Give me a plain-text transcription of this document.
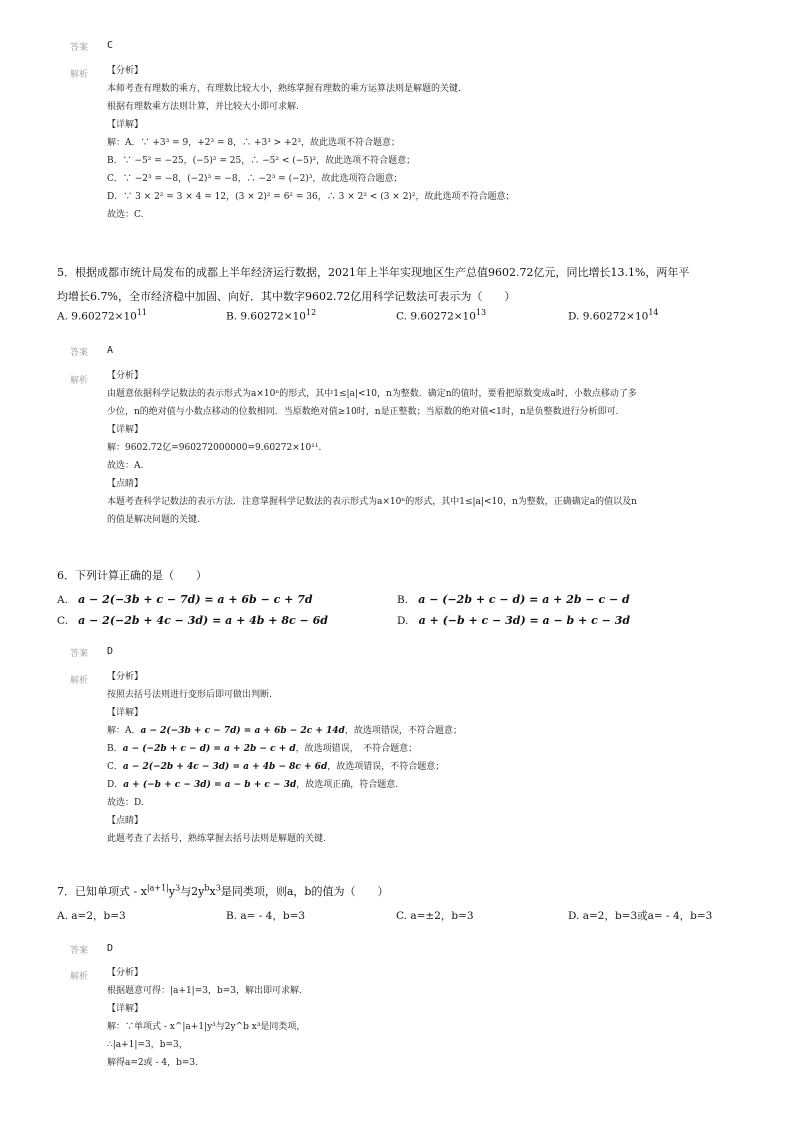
答案 C
解析 【分析】
本师考查有理数的乘方，有理数比较大小，熟练掌握有理数的乘方运算法则是解题的关键.
根据有理数乘方法则计算，并比较大小即可求解.
【详解】
解：A．∵ +3³ = 9，+2³ = 8，∴ +3³ > +2³，故此选项不符合题意；
B．∵ −5² = −25，(−5)² = 25，∴ −5² < (−5)²，故此选项不符合题意；
C．∵ −2³ = −8，(−2)³ = −8，∴ −2³ = (−2)³，故此选项符合题意；
D．∵ 3 × 2² = 3 × 4 = 12，(3 × 2)² = 6² = 36，∴ 3 × 2² < (3 × 2)²，故此选项不符合题意；
故选：C.
5．根据成都市统计局发布的成都上半年经济运行数据，2021年上半年实现地区生产总值9602.72亿元，同比增长13.1%，两年平
均增长6.7%，全市经济稳中加固、向好．其中数字9602.72亿用科学记数法可表示为（　　）
A. $9.60272\times 10^{11}$	B. $9.60272\times 10^{12}$	C. $9.60272\times 10^{13}$	D. $9.60272\times 10^{14}$
答案 A
解析 【分析】
由题意依据科学记数法的表示形式为a×10ⁿ的形式，其中1≤|a|<10，n为整数．确定n的值时，要看把原数变成a时，小数点移动了多
少位，n的绝对值与小数点移动的位数相同．当原数绝对值≥10时，n是正整数；当原数的绝对值<1时，n是负整数进行分析即可.
【详解】
解：9602.72亿=960272000000=9.60272×10¹¹.
故选：A.
【点睛】
本题考查科学记数法的表示方法．注意掌握科学记数法的表示形式为a×10ⁿ的形式，其中1≤|a|<10，n为整数，正确确定a的值以及n
的值是解决问题的关键.
6．下列计算正确的是（　　）
A. a − 2(−3b + c − 7d) = a + 6b − c + 7d	B. a − (−2b + c − d) = a + 2b − c − d
C. a − 2(−2b + 4c − 3d) = a + 4b + 8c − 6d	D. a + (−b + c − 3d) = a − b + c − 3d
答案 D
解析 【分析】
按照去括号法则进行变形后即可做出判断.
【详解】
解：A．a − 2(−3b + c − 7d) = a + 6b − 2c + 14d，故选项错误，不符合题意；
B．a − (−2b + c − d) = a + 2b − c + d，故选项错误，　不符合题意；
C．a − 2(−2b + 4c − 3d) = a + 4b − 8c + 6d，故选项错误，不符合题意；
D．a + (−b + c − 3d) = a − b + c − 3d，故选项正确，符合题意.
故选：D.
【点睛】
此题考查了去括号，熟练掌握去括号法则是解题的关键.
7．已知单项式 - $x^{|a+1|}y^3$与$2y^bx^3$是同类项，则a，b的值为（　　）
A. a=2，b=3	B. a= - 4，b=3	C. a=±2，b=3	D. a=2，b=3或a= - 4，b=3
答案 D
解析 【分析】
根据题意可得：|a+1|=3，b=3，解出即可求解.
【详解】
解：∵单项式 - x^|a+1|y³与2y^b x³是同类项，
∴|a+1|=3，b=3，
解得a=2或 - 4，b=3.
